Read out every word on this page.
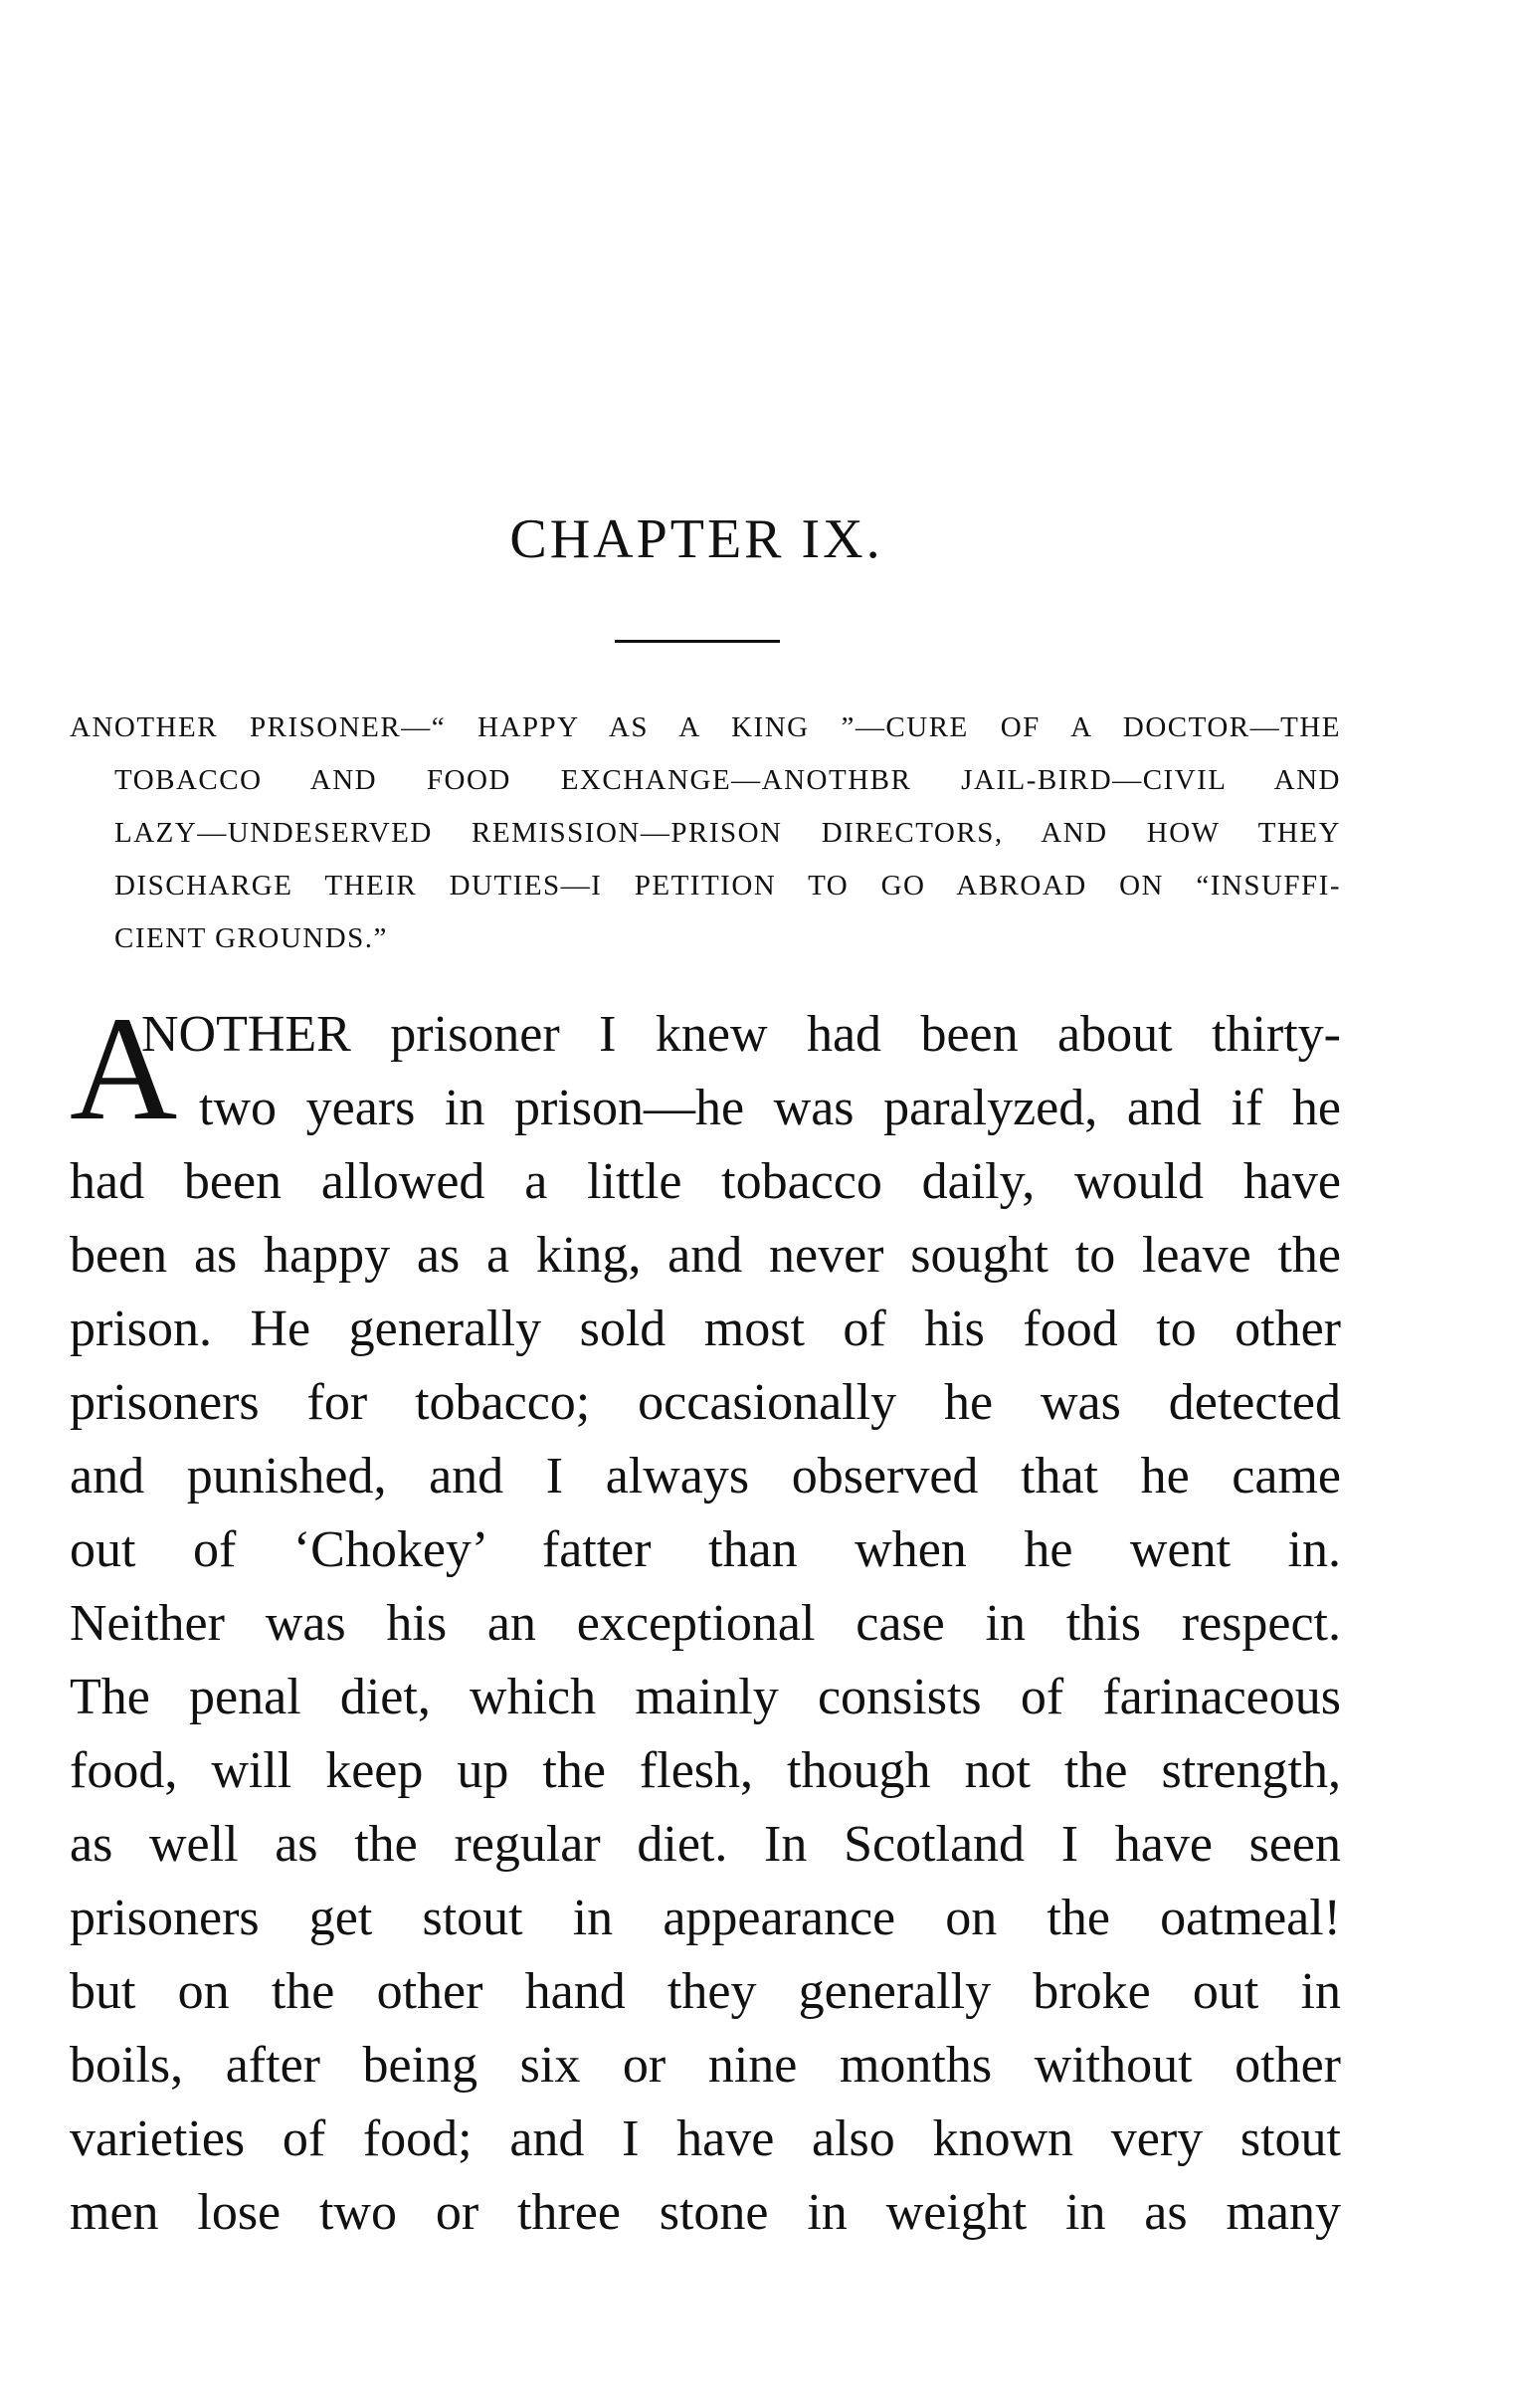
CHAPTER IX.
ANOTHER PRISONER—“ HAPPY AS A KING ”—CURE OF A DOCTOR—THE
TOBACCO AND FOOD EXCHANGE—ANOTHBR JAIL-BIRD—CIVIL AND
LAZY—UNDESERVED REMISSION—PRISON DIRECTORS, AND HOW THEY
DISCHARGE THEIR DUTIES—I PETITION TO GO ABROAD ON “INSUFFI-
CIENT GROUNDS.”
A
NOTHER prisoner I knew had been about thirty-
two years in prison—he was paralyzed, and if he
had been allowed a little tobacco daily, would have
been as happy as a king, and never sought to leave the
prison. He generally sold most of his food to other
prisoners for tobacco; occasionally he was detected
and punished, and I always observed that he came
out of ‘Chokey’ fatter than when he went in.
Neither was his an exceptional case in this respect.
The penal diet, which mainly consists of farinaceous
food, will keep up the flesh, though not the strength,
as well as the regular diet. In Scotland I have seen
prisoners get stout in appearance on the oatmeal!
but on the other hand they generally broke out in
boils, after being six or nine months without other
varieties of food; and I have also known very stout
men lose two or three stone in weight in as many
